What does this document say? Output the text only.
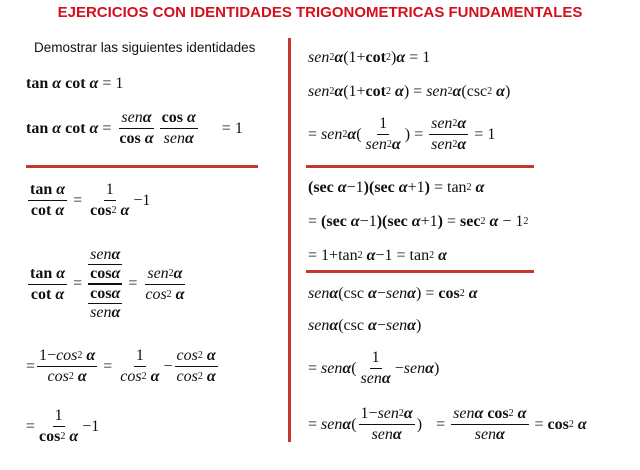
EJERCICIOS CON IDENTIDADES TRIGONOMETRICAS FUNDAMENTALES
Demostrar las siguientes identidades
tan
α
cot
α = 1
tan
α
cot
α = sen α
cos
α cos
α
sen α =
1
tan
α
cot
α = 1
cos 2
α − 1
tan
α
cot
α =
sen α
cos α
cos α
sen α
= sen 2 α
cos 2
α
= 1 − cos 2
α
cos 2
α = 1
cos 2
α − cos 2
α
cos 2
α
= 1
cos 2
α − 1
sen 2 α ( 1 + cot 2 ) α = 1
sen 2 α ( 1 + cot 2
α ) = sen 2 α ( csc 2
α )
=
sen 2 α ( $\frac{1}{\text{sen 2 α}}$ ) = $\frac{\text{sen 2 α}}{\text{sen 2 α}} = 1$
( sec
α − 1 )( sec
α + 1 ) = tan 2
α
=
( sec
α − 1 )( sec
α + 1 ) = sec 2
α − 1 2
=
1 + tan 2
α − 1 = tan 2
α
sen α ( csc
α − sen α ) = cos 2
α
sen α ( csc
α − sen α )
=
sen α ( $\frac{1}{\text{sen α}}$ − sen α )
=
sen α ( $\frac{\text{1 − sen 2 α}}{\text{sen α}}$ ) = sen α
cos 2
α
sen α = cos 2
α
